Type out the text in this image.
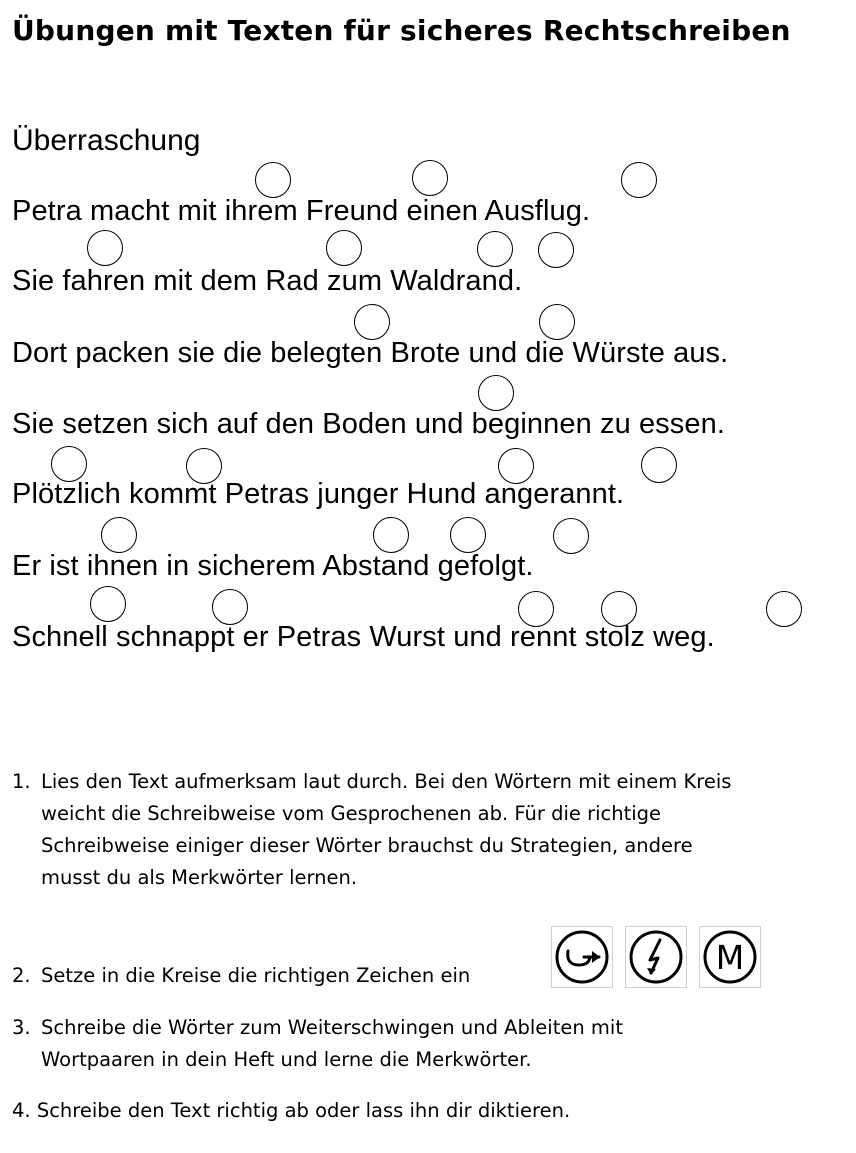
Übungen mit Texten für sicheres Rechtschreiben
Überraschung
Petra macht mit ihrem Freund einen Ausflug.
Sie fahren mit dem Rad zum Waldrand.
Dort packen sie die belegten Brote und die Würste aus.
Sie setzen sich auf den Boden und beginnen zu essen.
Plötzlich kommt Petras junger Hund angerannt.
Er ist ihnen in sicherem Abstand gefolgt.
Schnell schnappt er Petras Wurst und rennt stolz weg.
1. Lies den Text aufmerksam laut durch. Bei den Wörtern mit einem Kreis
weicht die Schreibweise vom Gesprochenen ab. Für die richtige
Schreibweise einiger dieser Wörter brauchst du Strategien, andere
musst du als Merkwörter lernen.
2. Setze in die Kreise die richtigen Zeichen ein	M
3. Schreibe die Wörter zum Weiterschwingen und Ableiten mit
Wortpaaren in dein Heft und lerne die Merkwörter.
4. Schreibe den Text richtig ab oder lass ihn dir diktieren.
